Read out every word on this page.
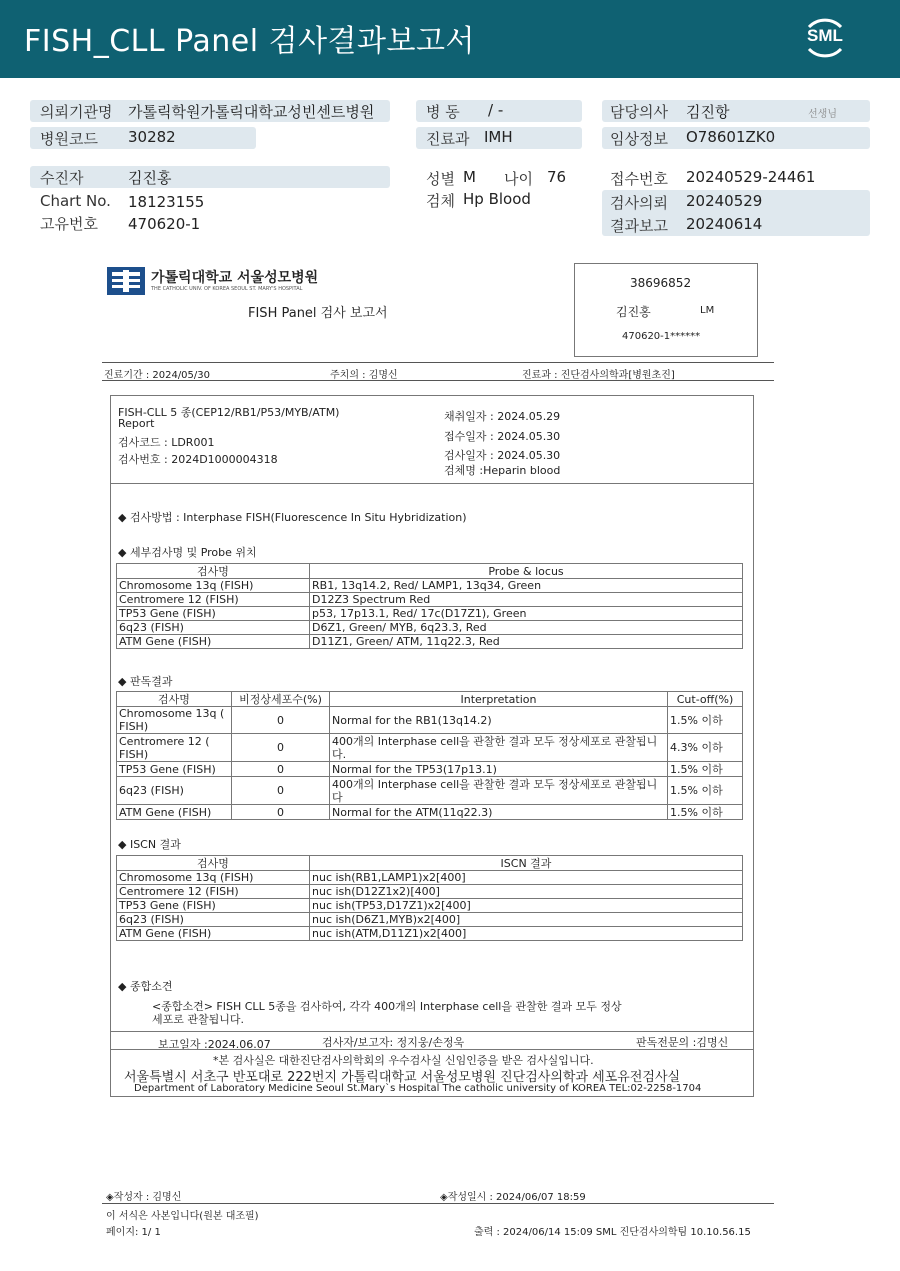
FISH_CLL Panel 검사결과보고서	SML
의뢰기관명 가톨릭학원가톨릭대학교성빈센트병원
병원코드 30282
병 동 / -
진료과 IMH
담당의사 김진항	선생님
임상정보 O78601ZK0
수진자	김진홍
Chart No. 18123155
고유번호 470620-1
성별 M 나이 76
검체 Hp Blood
접수번호 20240529-24461
검사의뢰 20240529
결과보고 20240614
가톨릭대학교 서울성모병원
THE CATHOLIC UNIV. OF KOREA SEOUL ST. MARY'S HOSPITAL
FISH Panel 검사 보고서
38696852
김진홍	LM
470620-1******
진료기간 : 2024/05/30	주치의 : 김명신	진료과 : 진단검사의학과[병원초진]
FISH-CLL 5 종(CEP12/RB1/P53/MYB/ATM)
Report
검사코드 : LDR001
검사번호 : 2024D1000004318
채취일자 : 2024.05.29
접수일자 : 2024.05.30
검사일자 : 2024.05.30
검체명 :Heparin blood
◆ 검사방법 : Interphase FISH(Fluorescence In Situ Hybridization)
◆ 세부검사명 및 Probe 위치
검사명	Probe & locus
Chromosome 13q (FISH)	RB1, 13q14.2, Red/ LAMP1, 13q34, Green
Centromere 12 (FISH)	D12Z3 Spectrum Red
TP53 Gene (FISH)	p53, 17p13.1, Red/ 17c(D17Z1), Green
6q23 (FISH)	D6Z1, Green/ MYB, 6q23.3, Red
ATM Gene (FISH)	D11Z1, Green/ ATM, 11q22.3, Red
◆ 판독결과
검사명	비정상세포수(%)	Interpretation	Cut-off(%)
Chromosome 13q ( FISH)	0	Normal for the RB1(13q14.2)	1.5% 이하
Centromere 12 ( FISH)	0	400개의 Interphase cell을 관찰한 결과 모두 정상세포로 관찰됩니다.	4.3% 이하
TP53 Gene (FISH)	0	Normal for the TP53(17p13.1)	1.5% 이하
6q23 (FISH)	0	400개의 Interphase cell을 관찰한 결과 모두 정상세포로 관찰됩니다	1.5% 이하
ATM Gene (FISH)	0	Normal for the ATM(11q22.3)	1.5% 이하
◆ ISCN 결과
검사명	ISCN 결과
Chromosome 13q (FISH)	nuc ish(RB1,LAMP1)x2[400]
Centromere 12 (FISH)	nuc ish(D12Z1x2)[400]
TP53 Gene (FISH)	nuc ish(TP53,D17Z1)x2[400]
6q23 (FISH)	nuc ish(D6Z1,MYB)x2[400]
ATM Gene (FISH)	nuc ish(ATM,D11Z1)x2[400]
◆ 종합소견
<종합소견> FISH CLL 5종을 검사하여, 각각 400개의 Interphase cell을 관찰한 결과 모두 정상
세포로 관찰됩니다.
보고일자 :2024.06.07	검사자/보고자: 정지웅/손정욱	판독전문의 :김명신
*본 검사실은 대한진단검사의학회의 우수검사실 신임인증을 받은 검사실입니다.
서울특별시 서초구 반포대로 222번지 가톨릭대학교 서울성모병원 진단검사의학과 세포유전검사실
Department of Laboratory Medicine Seoul St.Mary`s Hospital The catholic university of KOREA TEL:02-2258-1704
◈작성자 : 김명신	◈작성일시 : 2024/06/07 18:59
이 서식은 사본입니다(원본 대조필)
페이지: 1/ 1	출력 : 2024/06/14 15:09 SML 진단검사의학팀 10.10.56.15
